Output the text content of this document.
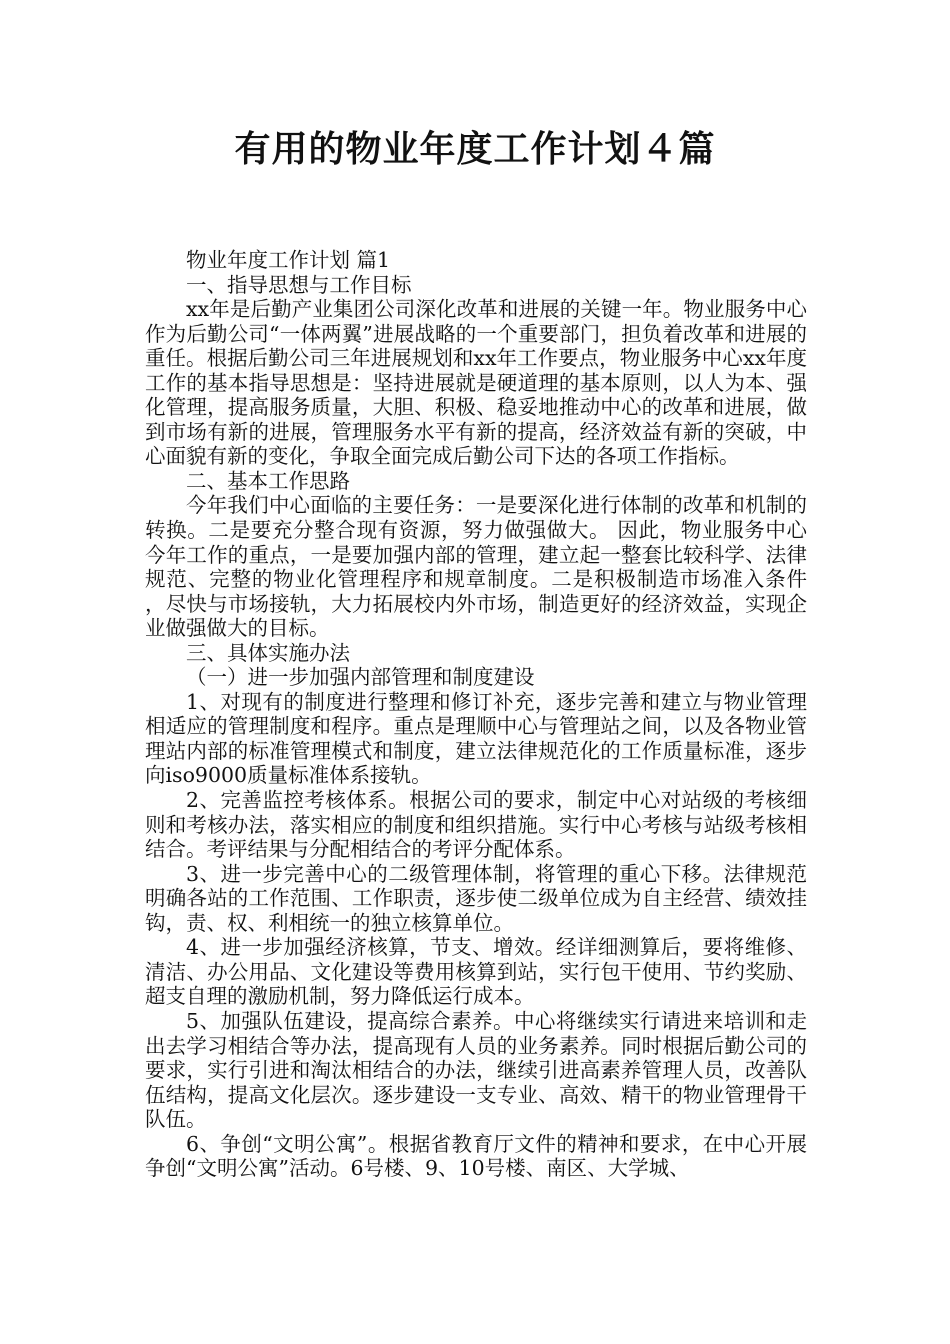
有用的物业年度工作计划４篇

物业年度工作计划 篇1

一、指导思想与工作目标

xx年是后勤产业集团公司深化改革和进展的关键一年。物业服务中心作为后勤公司“一体两翼”进展战略的一个重要部门，担负着改革和进展的重任。根据后勤公司三年进展规划和xx年工作要点，物业服务中心xx年度工作的基本指导思想是：坚持进展就是硬道理的基本原则，以人为本、强化管理，提高服务质量，大胆、积极、稳妥地推动中心的改革和进展，做到市场有新的进展，管理服务水平有新的提高，经济效益有新的突破，中心面貌有新的变化，争取全面完成后勤公司下达的各项工作指标。

二、基本工作思路

今年我们中心面临的主要任务：一是要深化进行体制的改革和机制的转换。二是要充分整合现有资源，努力做强做大。 因此，物业服务中心今年工作的重点，一是要加强内部的管理，建立起一整套比较科学、法律规范、完整的物业化管理程序和规章制度。二是积极制造市场准入条件 ，尽快与市场接轨，大力拓展校内外市场，制造更好的经济效益，实现企业做强做大的目标。

三、具体实施办法

（一）进一步加强内部管理和制度建设

1、对现有的制度进行整理和修订补充，逐步完善和建立与物业管理相适应的管理制度和程序。重点是理顺中心与管理站之间，以及各物业管理站内部的标准管理模式和制度，建立法律规范化的工作质量标准，逐步向iso9000质量标准体系接轨。

2、完善监控考核体系。根据公司的要求，制定中心对站级的考核细则和考核办法，落实相应的制度和组织措施。实行中心考核与站级考核相结合。考评结果与分配相结合的考评分配体系。

3、进一步完善中心的二级管理体制，将管理的重心下移。法律规范明确各站的工作范围、工作职责，逐步使二级单位成为自主经营、绩效挂钩，责、权、利相统一的独立核算单位。

4、进一步加强经济核算，节支、增效。经详细测算后，要将维修、清洁、办公用品、文化建设等费用核算到站，实行包干使用、节约奖励、超支自理的激励机制，努力降低运行成本。

5、加强队伍建设，提高综合素养。中心将继续实行请进来培训和走出去学习相结合等办法，提高现有人员的业务素养。同时根据后勤公司的要求，实行引进和淘汰相结合的办法，继续引进高素养管理人员，改善队伍结构，提高文化层次。逐步建设一支专业、高效、精干的物业管理骨干队伍。

6、争创“文明公寓”。根据省教育厅文件的精神和要求，在中心开展争创“文明公寓”活动。6号楼、9、10号楼、南区、大学城、
